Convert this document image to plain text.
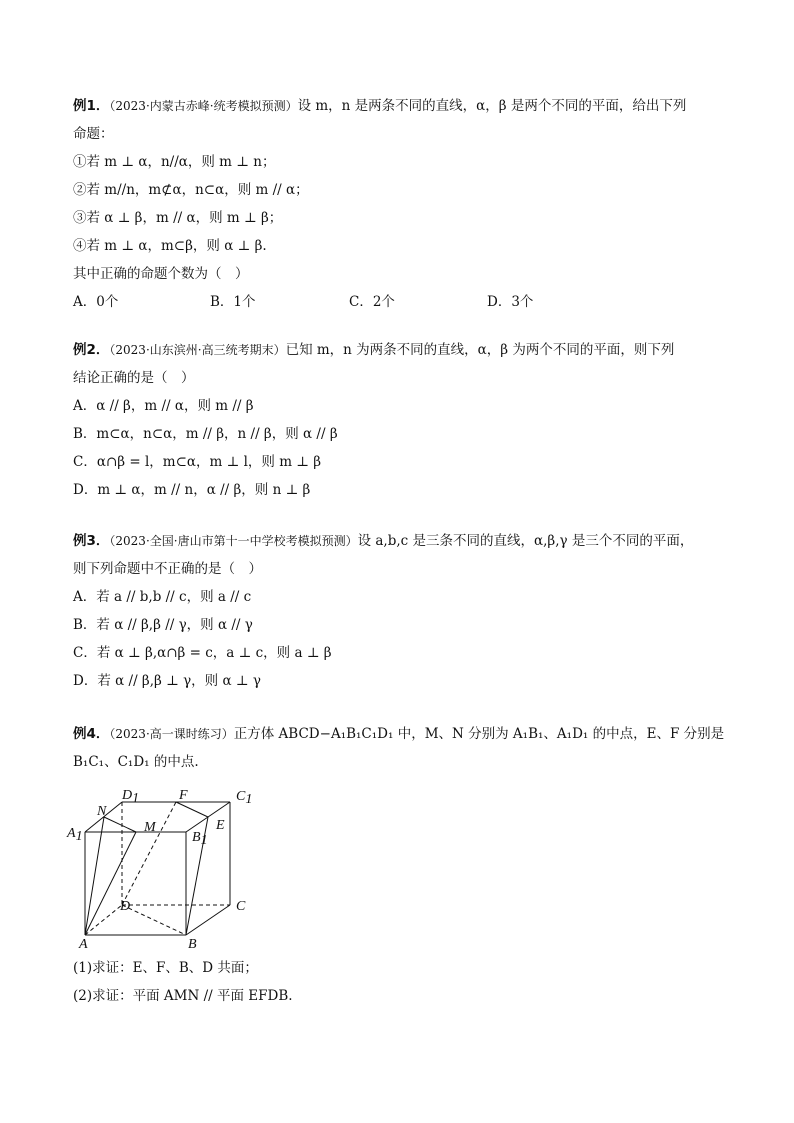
例1．（2023·内蒙古赤峰·统考模拟预测）设 m，n 是两条不同的直线，α，β 是两个不同的平面，给出下列
命题：
①若 m ⊥ α，n//α，则 m ⊥ n；
②若 m//n，m⊄α，n⊂α，则 m // α；
③若 α ⊥ β，m // α，则 m ⊥ β；
④若 m ⊥ α，m⊂β，则 α ⊥ β.
其中正确的命题个数为（　）
A．0个	B．1个	C．2个	D．3个
例2．（2023·山东滨州·高三统考期末）已知 m，n 为两条不同的直线，α，β 为两个不同的平面，则下列
结论正确的是（　）
A．α // β，m // α，则 m // β
B．m⊂α，n⊂α，m // β，n // β，则 α // β
C．α∩β = l，m⊂α，m ⊥ l，则 m ⊥ β
D．m ⊥ α，m // n，α // β，则 n ⊥ β
例3．（2023·全国·唐山市第十一中学校考模拟预测）设 a,b,c 是三条不同的直线，α,β,γ 是三个不同的平面，
则下列命题中不正确的是（　）
A．若 a // b,b // c，则 a // c
B．若 α // β,β // γ，则 α // γ
C．若 α ⊥ β,α∩β = c，a ⊥ c，则 a ⊥ β
D．若 α // β,β ⊥ γ，则 α ⊥ γ
例4．（2023·高一课时练习）正方体 ABCD−A₁B₁C₁D₁ 中，M、N 分别为 A₁B₁、A₁D₁ 的中点，E、F 分别是
B₁C₁、C₁D₁ 的中点.
D1	F	C1
N
M	E
B1
A1
D	C
A	B
(1)求证：E、F、B、D 共面；
(2)求证：平面 AMN // 平面 EFDB.
